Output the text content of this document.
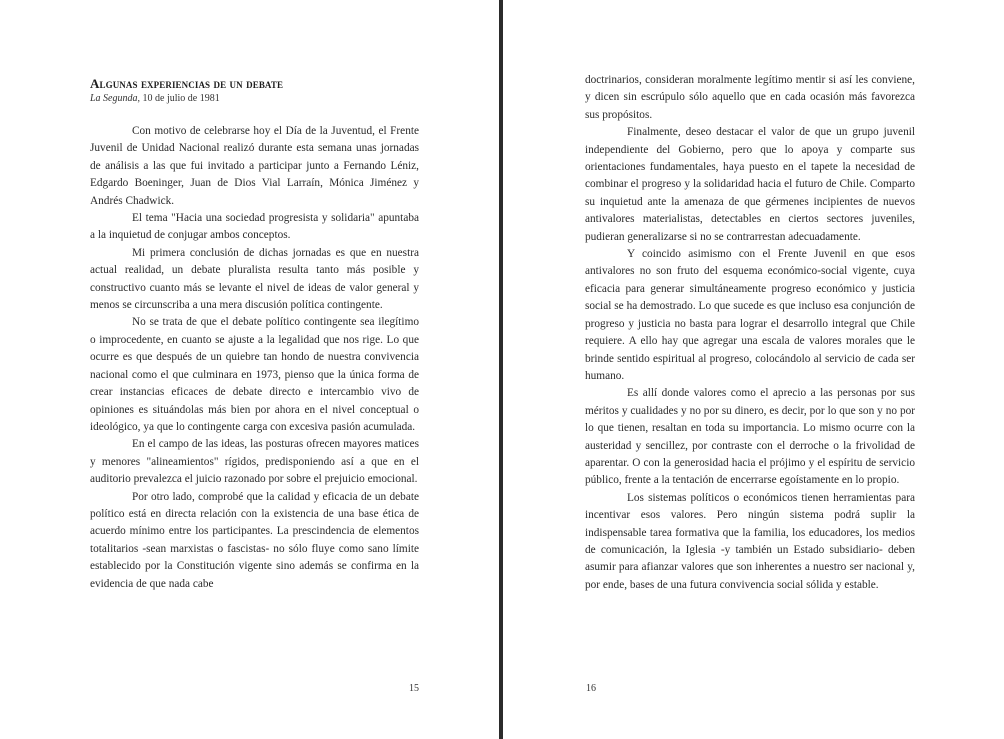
Algunas experiencias de un debate
La Segunda, 10 de julio de 1981

Con motivo de celebrarse hoy el Día de la Juventud, el Frente Juvenil de Unidad Nacional realizó durante esta semana unas jornadas de análisis a las que fui invitado a participar junto a Fernando Léniz, Edgardo Boeninger, Juan de Dios Vial Larraín, Mónica Jiménez y Andrés Chadwick.

El tema "Hacia una sociedad progresista y solidaria" apuntaba a la inquietud de conjugar ambos conceptos.

Mi primera conclusión de dichas jornadas es que en nuestra actual realidad, un debate pluralista resulta tanto más posible y constructivo cuanto más se levante el nivel de ideas de valor general y menos se circunscriba a una mera discusión política contingente.

No se trata de que el debate político contingente sea ilegítimo o improcedente, en cuanto se ajuste a la legalidad que nos rige. Lo que ocurre es que después de un quiebre tan hondo de nuestra convivencia nacional como el que culminara en 1973, pienso que la única forma de crear instancias eficaces de debate directo e intercambio vivo de opiniones es situándolas más bien por ahora en el nivel conceptual o ideológico, ya que lo contingente carga con excesiva pasión acumulada.

En el campo de las ideas, las posturas ofrecen mayores matices y menores "alineamientos" rígidos, predisponiendo así a que en el auditorio prevalezca el juicio razonado por sobre el prejuicio emocional.

Por otro lado, comprobé que la calidad y eficacia de un debate político está en directa relación con la existencia de una base ética de acuerdo mínimo entre los participantes. La prescindencia de elementos totalitarios -sean marxistas o fascistas- no sólo fluye como sano límite establecido por la Constitución vigente sino además se confirma en la evidencia de que nada cabe

15

doctrinarios, consideran moralmente legítimo mentir si así les conviene, y dicen sin escrúpulo sólo aquello que en cada ocasión más favorezca sus propósitos.

Finalmente, deseo destacar el valor de que un grupo juvenil independiente del Gobierno, pero que lo apoya y comparte sus orientaciones fundamentales, haya puesto en el tapete la necesidad de combinar el progreso y la solidaridad hacia el futuro de Chile. Comparto su inquietud ante la amenaza de que gérmenes incipientes de nuevos antivalores materialistas, detectables en ciertos sectores juveniles, pudieran generalizarse si no se contrarrestan adecuadamente.

Y coincido asimismo con el Frente Juvenil en que esos antivalores no son fruto del esquema económico-social vigente, cuya eficacia para generar simultáneamente progreso económico y justicia social se ha demostrado. Lo que sucede es que incluso esa conjunción de progreso y justicia no basta para lograr el desarrollo integral que Chile requiere. A ello hay que agregar una escala de valores morales que le brinde sentido espiritual al progreso, colocándolo al servicio de cada ser humano.

Es allí donde valores como el aprecio a las personas por sus méritos y cualidades y no por su dinero, es decir, por lo que son y no por lo que tienen, resaltan en toda su importancia. Lo mismo ocurre con la austeridad y sencillez, por contraste con el derroche o la frivolidad de aparentar. O con la generosidad hacia el prójimo y el espíritu de servicio público, frente a la tentación de encerrarse egoístamente en lo propio.

Los sistemas políticos o económicos tienen herramientas para incentivar esos valores. Pero ningún sistema podrá suplir la indispensable tarea formativa que la familia, los educadores, los medios de comunicación, la Iglesia -y también un Estado subsidiario- deben asumir para afianzar valores que son inherentes a nuestro ser nacional y, por ende, bases de una futura convivencia social sólida y estable.

16
